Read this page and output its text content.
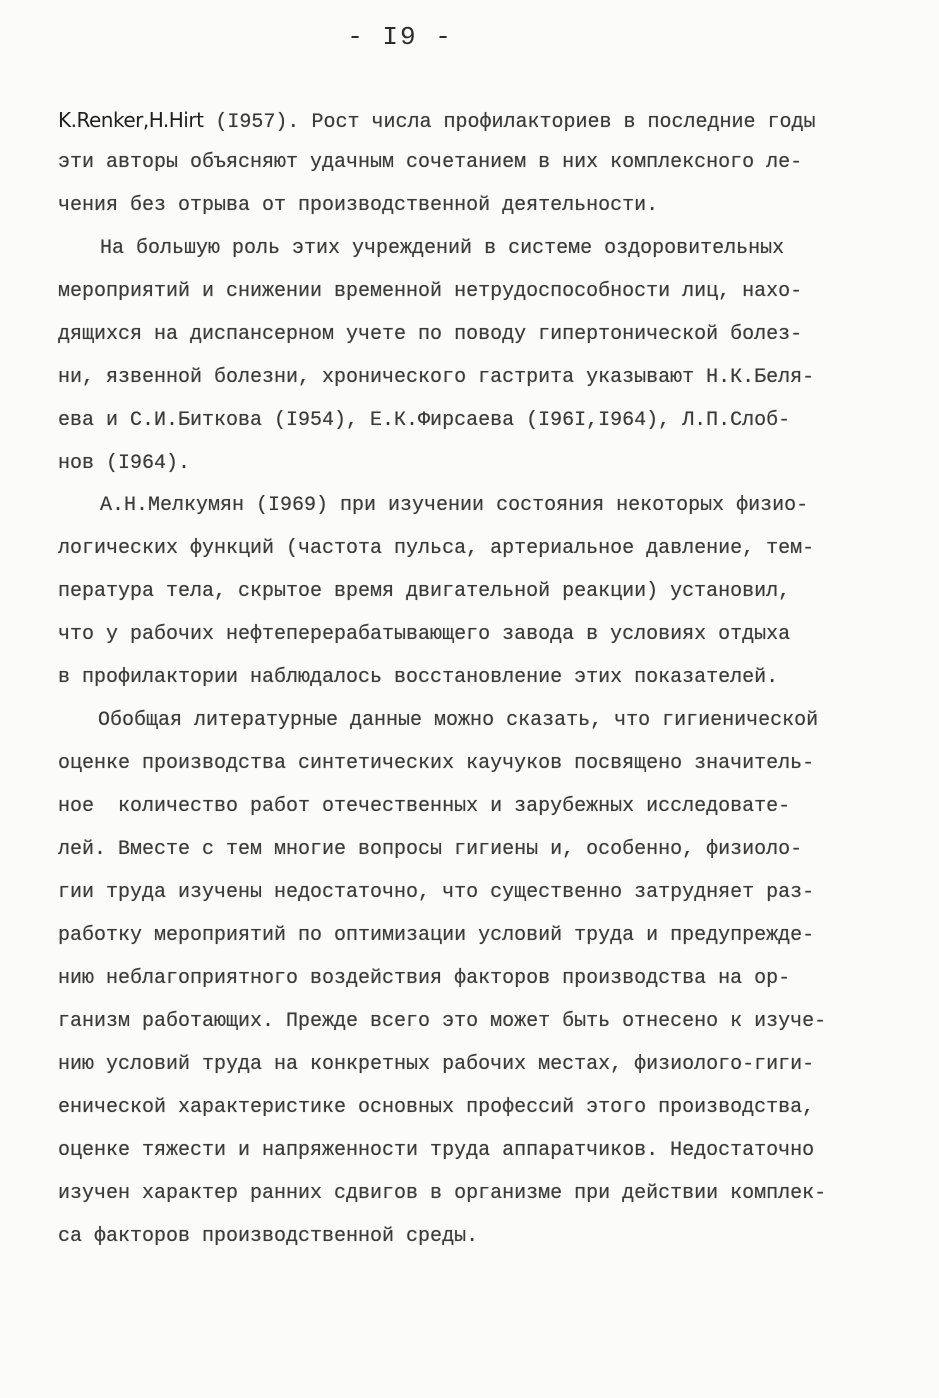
- I9 -
K.Renker,H.Hirt (I957). Рост числа профилакториев в последние годы
эти авторы объясняют удачным сочетанием в них комплексного ле-
чения без отрыва от производственной деятельности.
На большую роль этих учреждений в системе оздоровительных
мероприятий и снижении временной нетрудоспособности лиц, нахо-
дящихся на диспансерном учете по поводу гипертонической болез-
ни, язвенной болезни, хронического гастрита указывают Н.К.Беля-
ева и С.И.Биткова (I954), Е.К.Фирсаева (I96I,I964), Л.П.Слоб-
нов (I964).
А.Н.Мелкумян (I969) при изучении состояния некоторых физио-
логических функций (частота пульса, артериальное давление, тем-
пература тела, скрытое время двигательной реакции) установил,
что у рабочих нефтеперерабатывающего завода в условиях отдыха
в профилактории наблюдалось восстановление этих показателей.
Обобщая литературные данные можно сказать, что гигиенической
оценке производства синтетических каучуков посвящено значитель-
ное  количество работ отечественных и зарубежных исследовате-
лей. Вместе с тем многие вопросы гигиены и, особенно, физиоло-
гии труда изучены недостаточно, что существенно затрудняет раз-
работку мероприятий по оптимизации условий труда и предупрежде-
нию неблагоприятного воздействия факторов производства на ор-
ганизм работающих. Прежде всего это может быть отнесено к изуче-
нию условий труда на конкретных рабочих местах, физиолого-гиги-
енической характеристике основных профессий этого производства,
оценке тяжести и напряженности труда аппаратчиков. Недостаточно
изучен характер ранних сдвигов в организме при действии комплек-
са факторов производственной среды.
